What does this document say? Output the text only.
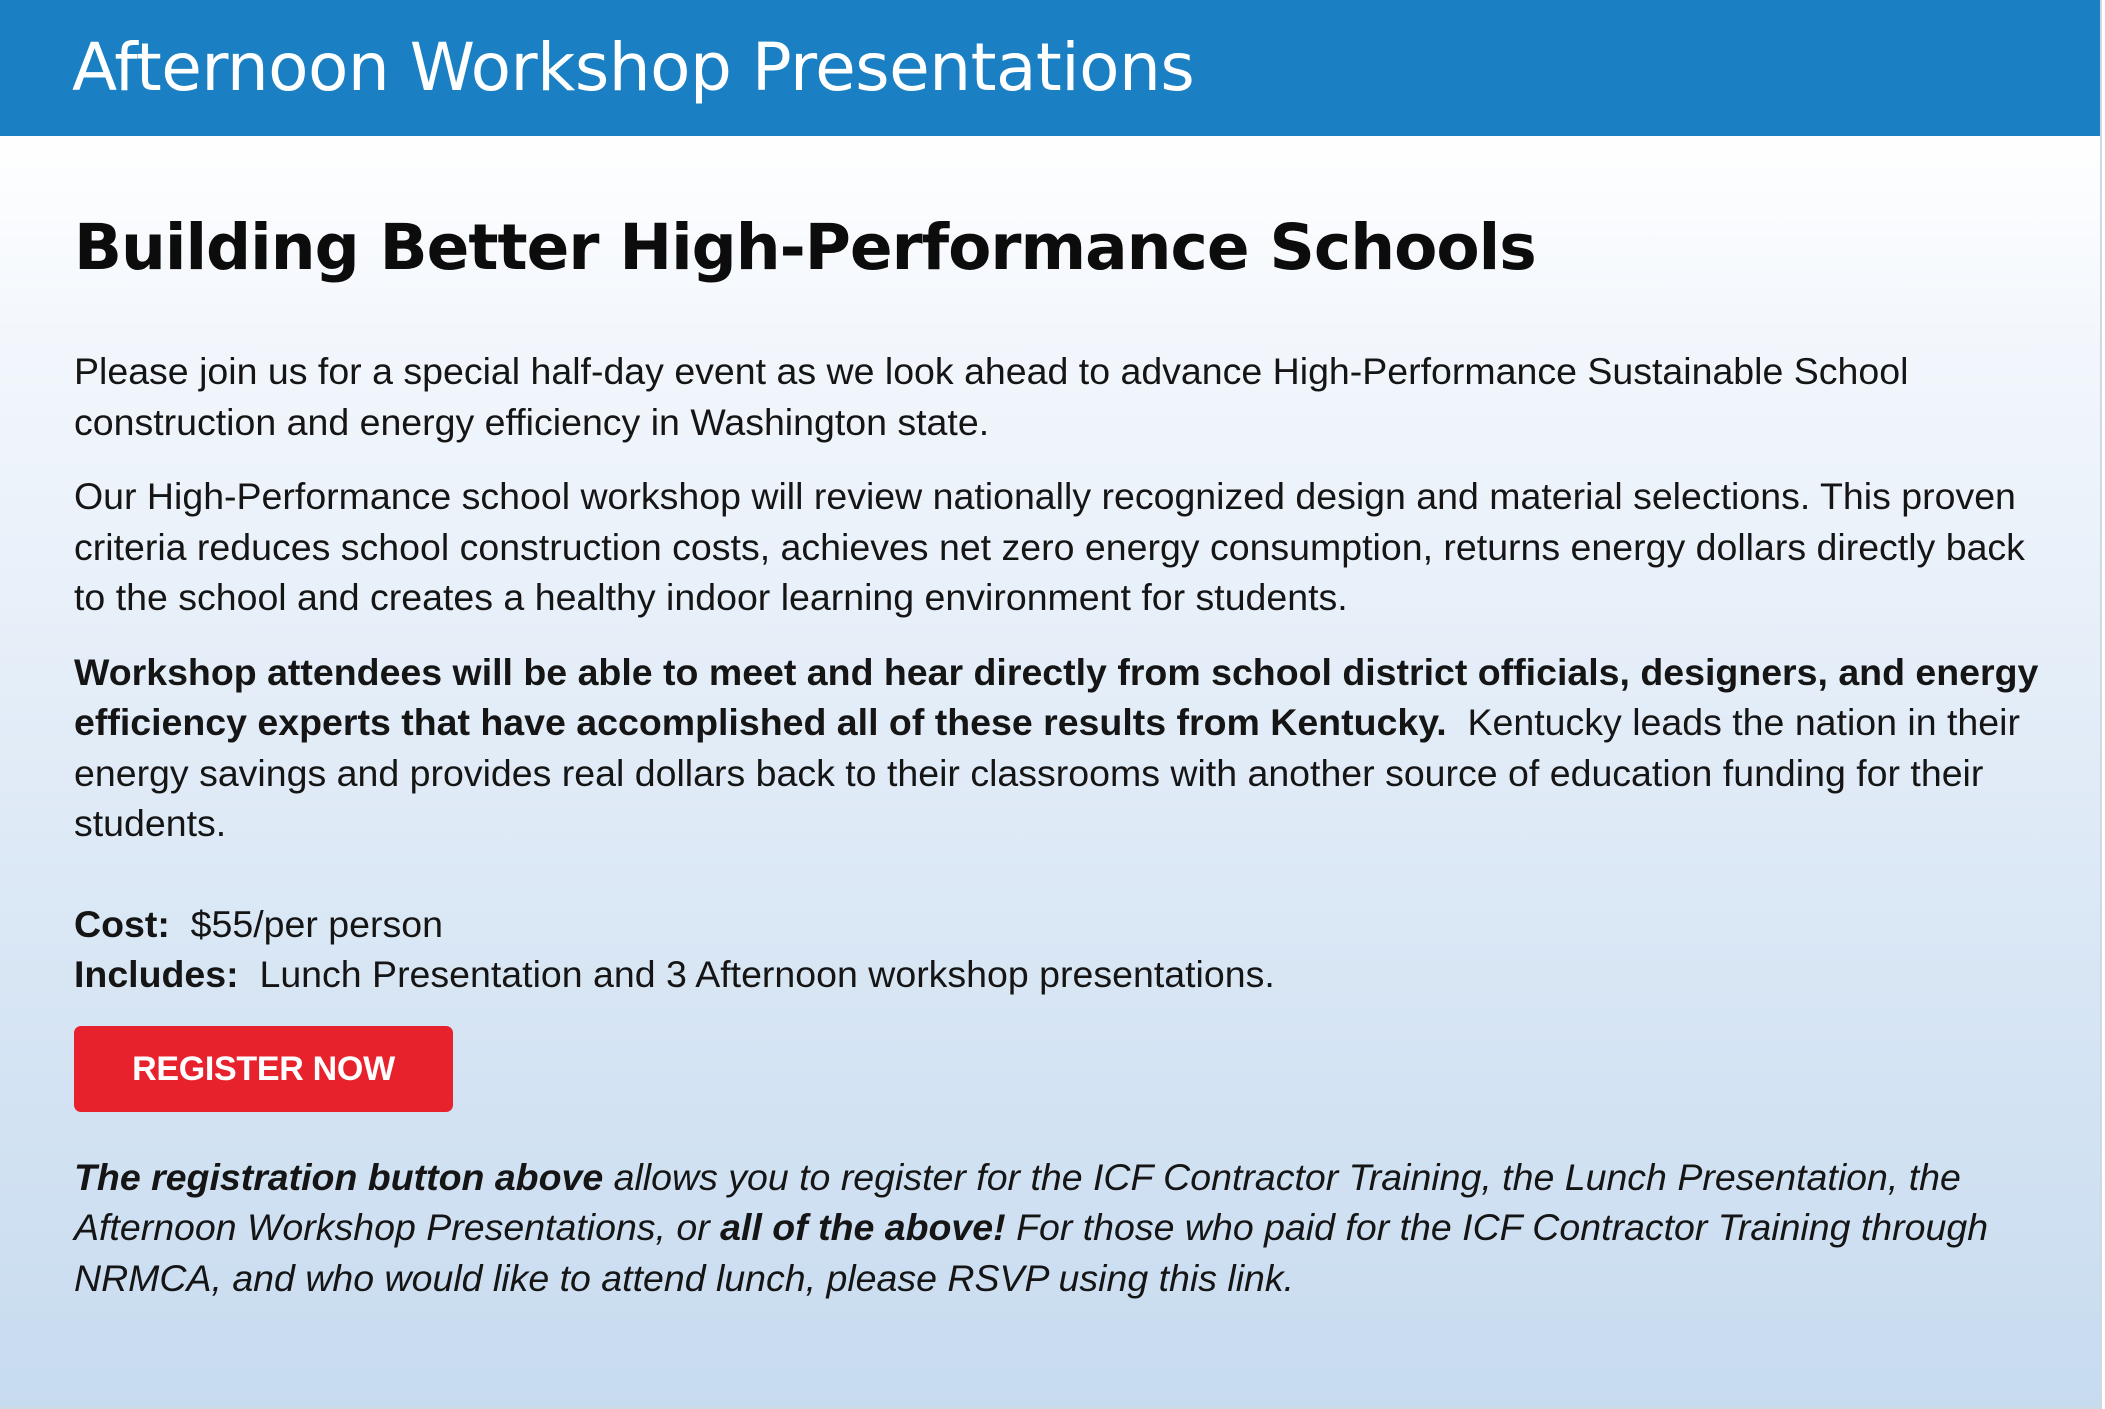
Afternoon Workshop Presentations
Building Better High-Performance Schools

Please join us for a special half-day event as we look ahead to advance High-Performance Sustainable School construction and energy efficiency in Washington state.

Our High-Performance school workshop will review nationally recognized design and material selections. This proven criteria reduces school construction costs, achieves net zero energy consumption, returns energy dollars directly back to the school and creates a healthy indoor learning environment for students.

Workshop attendees will be able to meet and hear directly from school district officials, designers, and energy efficiency experts that have accomplished all of these results from Kentucky. Kentucky leads the nation in their energy savings and provides real dollars back to their classrooms with another source of education funding for their students.

Cost: $55/per person

Includes: Lunch Presentation and 3 Afternoon workshop presentations.

REGISTER NOW

The registration button above allows you to register for the ICF Contractor Training, the Lunch Presentation, the Afternoon Workshop Presentations, or all of the above! For those who paid for the ICF Contractor Training through NRMCA, and who would like to attend lunch, please RSVP using this link.
